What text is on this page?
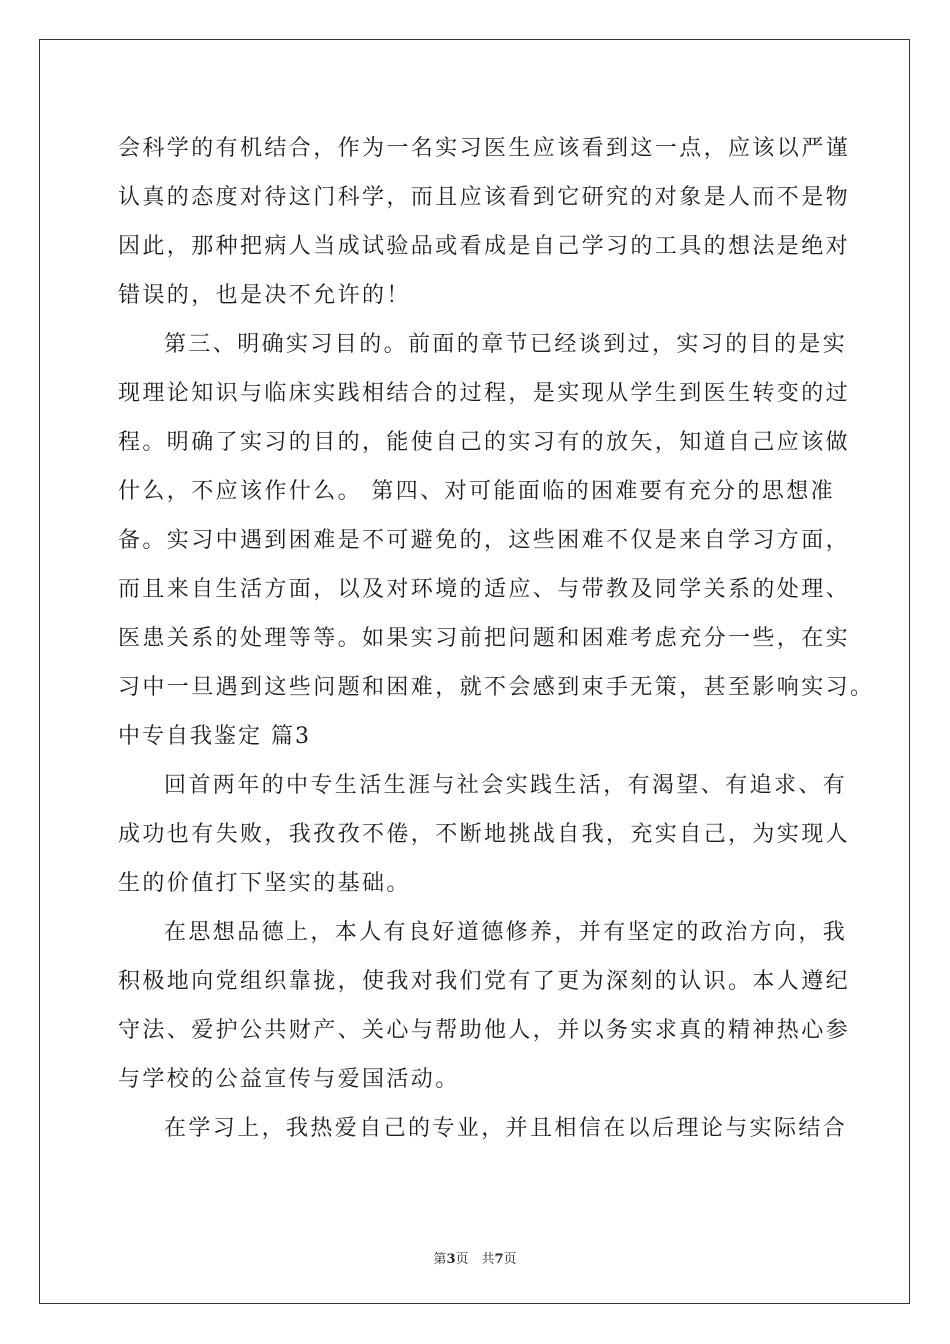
会科学的有机结合，作为一名实习医生应该看到这一点，应该以严谨
认真的态度对待这门科学，而且应该看到它研究的对象是人而不是物
因此，那种把病人当成试验品或看成是自己学习的工具的想法是绝对
错误的，也是决不允许的！
第三、明确实习目的。前面的章节已经谈到过，实习的目的是实
现理论知识与临床实践相结合的过程，是实现从学生到医生转变的过
程。明确了实习的目的，能使自己的实习有的放矢，知道自己应该做
什么，不应该作什么。 第四、对可能面临的困难要有充分的思想准
备。实习中遇到困难是不可避免的，这些困难不仅是来自学习方面，
而且来自生活方面，以及对环境的适应、与带教及同学关系的处理、
医患关系的处理等等。如果实习前把问题和困难考虑充分一些，在实
习中一旦遇到这些问题和困难，就不会感到束手无策，甚至影响实习。
中专自我鉴定 篇3
回首两年的中专生活生涯与社会实践生活，有渴望、有追求、有
成功也有失败，我孜孜不倦，不断地挑战自我，充实自己，为实现人
生的价值打下坚实的基础。
在思想品德上，本人有良好道德修养，并有坚定的政治方向，我
积极地向党组织靠拢，使我对我们党有了更为深刻的认识。本人遵纪
守法、爱护公共财产、关心与帮助他人，并以务实求真的精神热心参
与学校的公益宣传与爱国活动。
在学习上，我热爱自己的专业，并且相信在以后理论与实际结合
第3页　共7页
